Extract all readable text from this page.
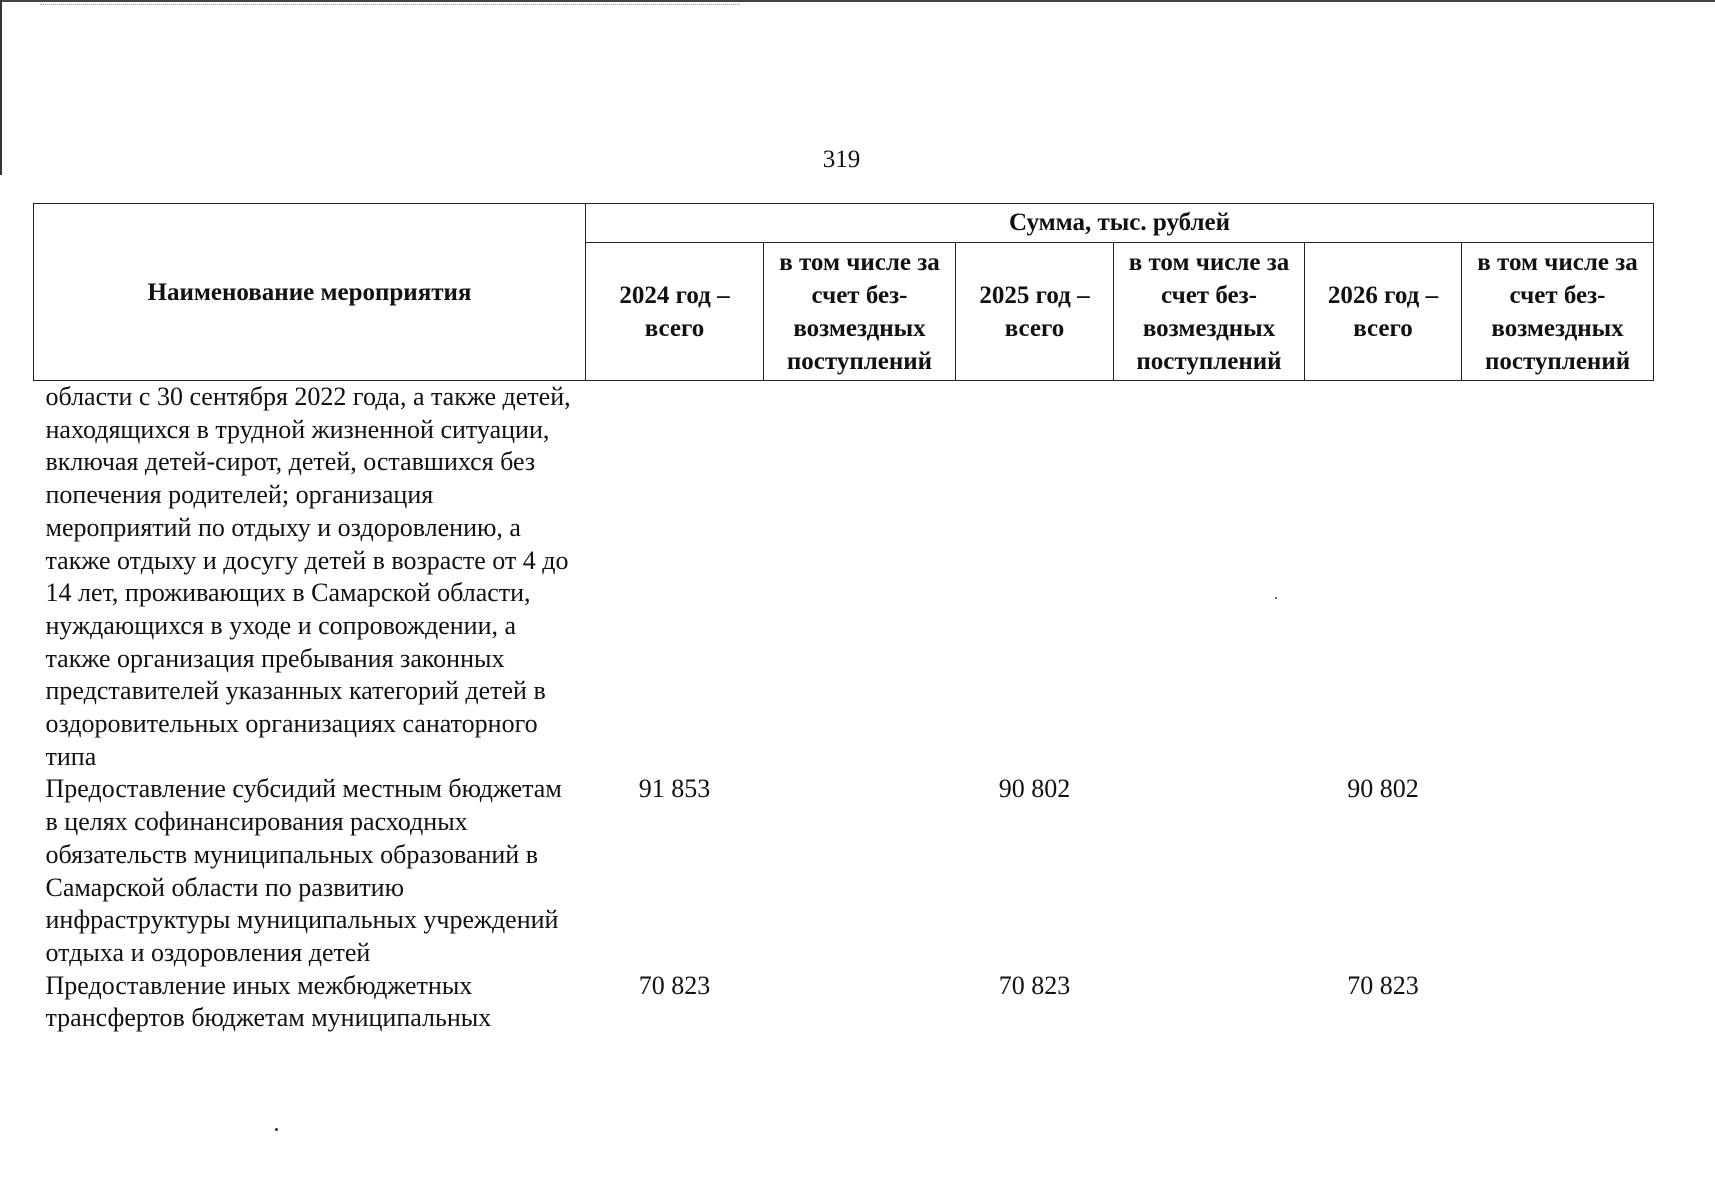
319
Наименование мероприятия	Сумма, тыс. рублей					
	2024 год – всего	в том числе за счет без-возмездных поступлений	2025 год – всего	в том числе за счет без-возмездных поступлений	2026 год – всего	в том числе за счет без-возмездных поступлений
области с 30 сентября 2022 года, а также детей, находящихся в трудной жизненной ситуации, включая детей-сирот, детей, оставшихся без попечения родителей; организация мероприятий по отдыху и оздоровлению, а также отдыху и досугу детей в возрасте от 4 до 14 лет, проживающих в Самарской области, нуждающихся в уходе и сопровождении, а также организация пребывания законных представителей указанных категорий детей в оздоровительных организациях санаторного типа						
Предоставление субсидий местным бюджетам в целях софинансирования расходных обязательств муниципальных образований в Самарской области по развитию инфраструктуры муниципальных учреждений отдыха и оздоровления детей	91 853		90 802		90 802	
Предоставление иных межбюджетных трансфертов бюджетам муниципальных	70 823		70 823		70 823	
